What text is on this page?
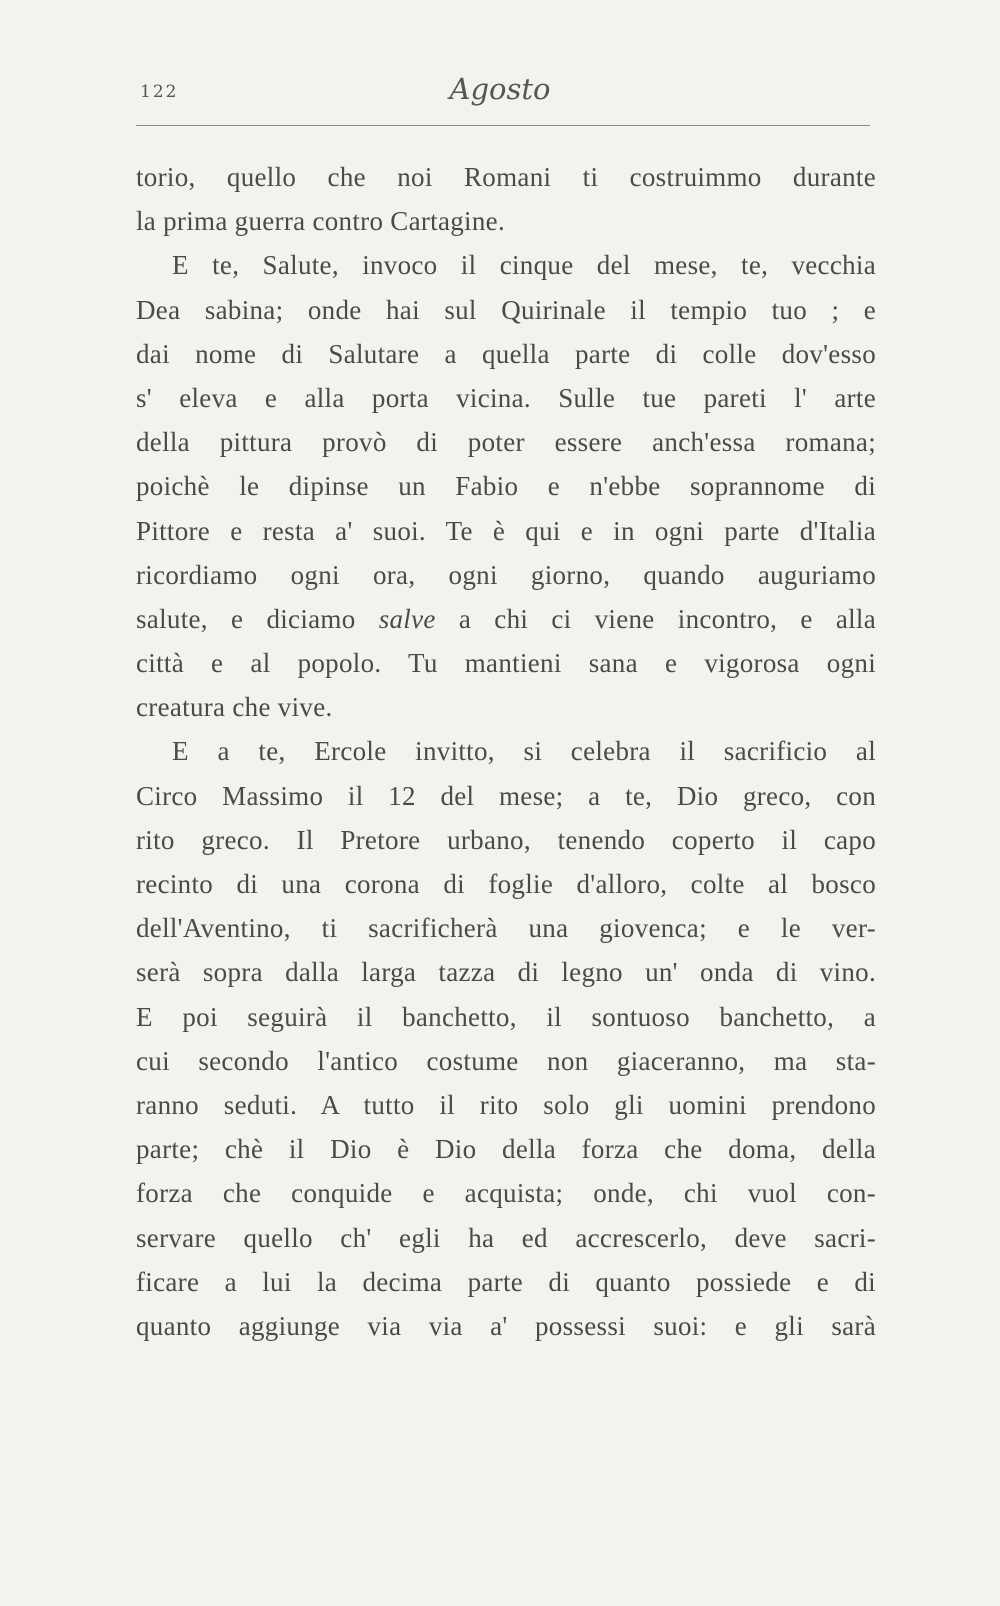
122	Agosto
torio, quello che noi Romani ti costruimmo durante
la prima guerra contro Cartagine.
E te, Salute, invoco il cinque del mese, te, vecchia
Dea sabina; onde hai sul Quirinale il tempio tuo ; e
dai nome di Salutare a quella parte di colle dov'esso
s' eleva e alla porta vicina. Sulle tue pareti l' arte
della pittura provò di poter essere anch'essa romana;
poichè le dipinse un Fabio e n'ebbe soprannome di
Pittore e resta a' suoi. Te è qui e in ogni parte d'Italia
ricordiamo ogni ora, ogni giorno, quando auguriamo
salute, e diciamo salve a chi ci viene incontro, e alla
città e al popolo. Tu mantieni sana e vigorosa ogni
creatura che vive.
E a te, Ercole invitto, si celebra il sacrificio al
Circo Massimo il 12 del mese; a te, Dio greco, con
rito greco. Il Pretore urbano, tenendo coperto il capo
recinto di una corona di foglie d'alloro, colte al bosco
dell'Aventino, ti sacrificherà una giovenca; e le ver-
serà sopra dalla larga tazza di legno un' onda di vino.
E poi seguirà il banchetto, il sontuoso banchetto, a
cui secondo l'antico costume non giaceranno, ma sta-
ranno seduti. A tutto il rito solo gli uomini prendono
parte; chè il Dio è Dio della forza che doma, della
forza che conquide e acquista; onde, chi vuol con-
servare quello ch' egli ha ed accrescerlo, deve sacri-
ficare a lui la decima parte di quanto possiede e di
quanto aggiunge via via a' possessi suoi: e gli sarà
